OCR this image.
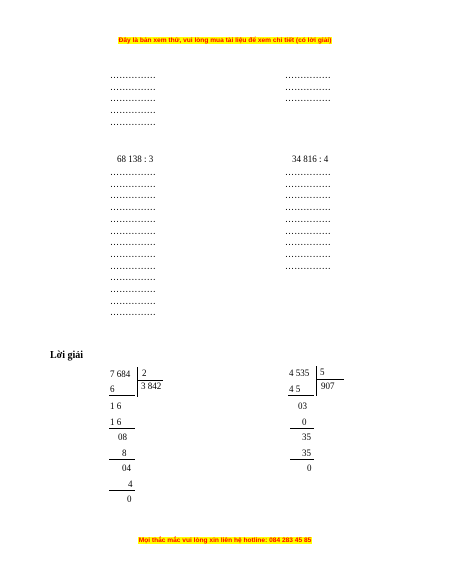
Đây là bản xem thử, vui lòng mua tài liệu để xem chi tiết (có lời giải)
……………
……………
……………
……………
……………
……………
……………
……………
68 138 : 3	34 816 : 4
……………
……………
……………
……………
……………
……………
……………
……………
……………
……………
……………
……………
……………
……………
……………
……………
……………
……………
……………
……………
……………
……………
Lời giải
7 684 2
3 842
6
1 6
1 6
08
8
04
4
0
4 535 5
907
4 5
03
0
35
35
0
Mọi thắc mắc vui lòng xin liên hệ hotline: 084 283 45 85
